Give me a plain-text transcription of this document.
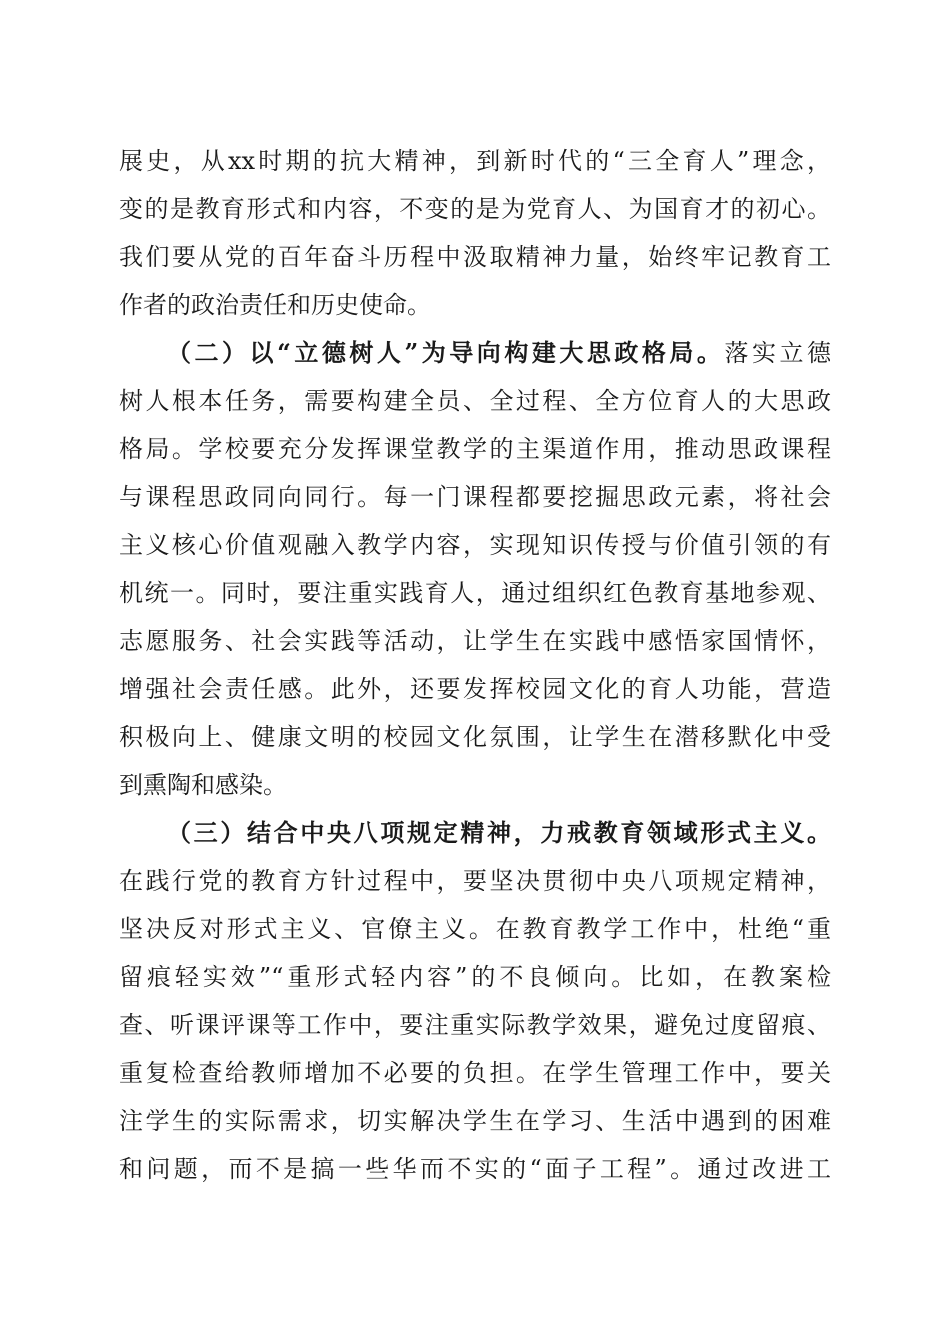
展史，从xx时期的抗大精神，到新时代的“三全育人”理念，
变的是教育形式和内容，不变的是为党育人、为国育才的初心。
我们要从党的百年奋斗历程中汲取精神力量，始终牢记教育工
作者的政治责任和历史使命。
（二）以“立德树人”为导向构建大思政格局。落实立德
树人根本任务，需要构建全员、全过程、全方位育人的大思政
格局。学校要充分发挥课堂教学的主渠道作用，推动思政课程
与课程思政同向同行。每一门课程都要挖掘思政元素，将社会
主义核心价值观融入教学内容，实现知识传授与价值引领的有
机统一。同时，要注重实践育人，通过组织红色教育基地参观、
志愿服务、社会实践等活动，让学生在实践中感悟家国情怀，
增强社会责任感。此外，还要发挥校园文化的育人功能，营造
积极向上、健康文明的校园文化氛围，让学生在潜移默化中受
到熏陶和感染。
（三）结合中央八项规定精神，力戒教育领域形式主义。
在践行党的教育方针过程中，要坚决贯彻中央八项规定精神，
坚决反对形式主义、官僚主义。在教育教学工作中，杜绝“重
留痕轻实效”“重形式轻内容”的不良倾向。比如，在教案检
查、听课评课等工作中，要注重实际教学效果，避免过度留痕、
重复检查给教师增加不必要的负担。在学生管理工作中，要关
注学生的实际需求，切实解决学生在学习、生活中遇到的困难
和问题，而不是搞一些华而不实的“面子工程”。通过改进工
